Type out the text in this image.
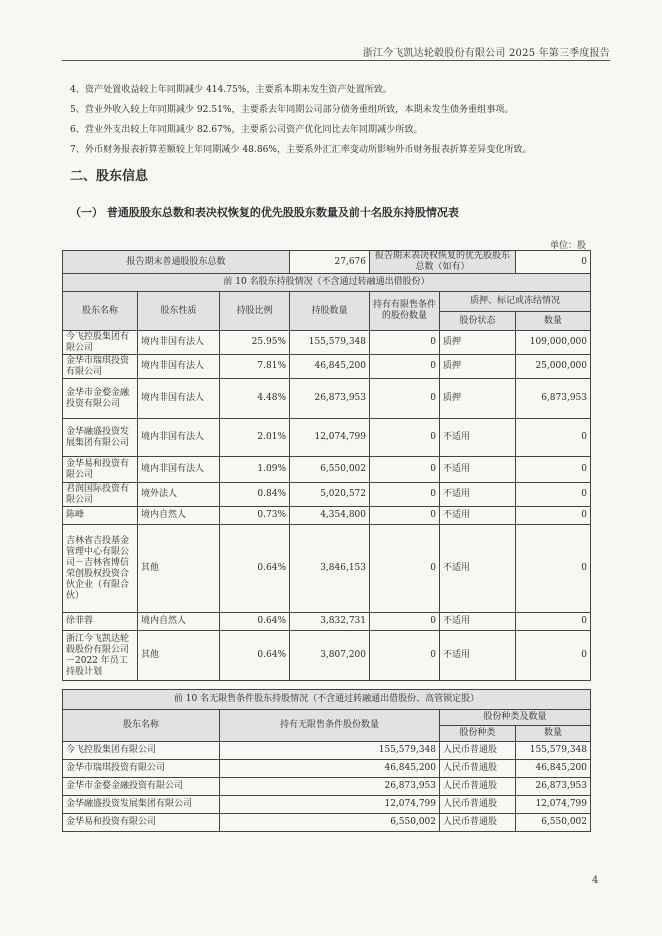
浙江今飞凯达轮毂股份有限公司 2025 年第三季度报告
4、资产处置收益较上年同期减少 414.75%，主要系本期未发生资产处置所致。
5、营业外收入较上年同期减少 92.51%，主要系去年同期公司部分债务重组所致，本期未发生债务重组事项。
6、营业外支出较上年同期减少 82.67%，主要系公司资产优化同比去年同期减少所致。
7、外币财务报表折算差额较上年同期减少 48.86%，主要系外汇汇率变动所影响外币财务报表折算差异变化所致。
二、股东信息
（一） 普通股股东总数和表决权恢复的优先股股东数量及前十名股东持股情况表
单位：股
报告期末普通股股东总数			27,676	报告期末表决权恢复的优先股股东总数（如有）		0
前 10 名股东持股情况（不含通过转融通出借股份）						
股东名称	股东性质	持股比例	持股数量	持有有限售条件的股份数量	质押、标记或冻结情况	
					股份状态	数量
今飞控股集团有限公司	境内非国有法人	25.95%	155,579,348	0	质押	109,000,000
金华市瑞琪投资有限公司	境内非国有法人	7.81%	46,845,200	0	质押	25,000,000
金华市金婺金融投资有限公司	境内非国有法人	4.48%	26,873,953	0	质押	6,873,953
金华融盛投资发展集团有限公司	境内非国有法人	2.01%	12,074,799	0	不适用	0
金华易和投资有限公司	境内非国有法人	1.09%	6,550,002	0	不适用	0
君润国际投资有限公司	境外法人	0.84%	5,020,572	0	不适用	0
陈峰	境内自然人	0.73%	4,354,800	0	不适用	0
吉林省吉投基金管理中心有限公司－吉林省博信荣创股权投资合伙企业（有限合伙）	其他	0.64%	3,846,153	0	不适用	0
徐菲蓉	境内自然人	0.64%	3,832,731	0	不适用	0
浙江今飞凯达轮毂股份有限公司－2022 年员工持股计划	其他	0.64%	3,807,200	0	不适用	0
前 10 名无限售条件股东持股情况（不含通过转融通出借股份、高管锁定股）			
股东名称	持有无限售条件股份数量	股份种类及数量	
		股份种类	数量
今飞控股集团有限公司	155,579,348	人民币普通股	155,579,348
金华市瑞琪投资有限公司	46,845,200	人民币普通股	46,845,200
金华市金婺金融投资有限公司	26,873,953	人民币普通股	26,873,953
金华融盛投资发展集团有限公司	12,074,799	人民币普通股	12,074,799
金华易和投资有限公司	6,550,002	人民币普通股	6,550,002
4
